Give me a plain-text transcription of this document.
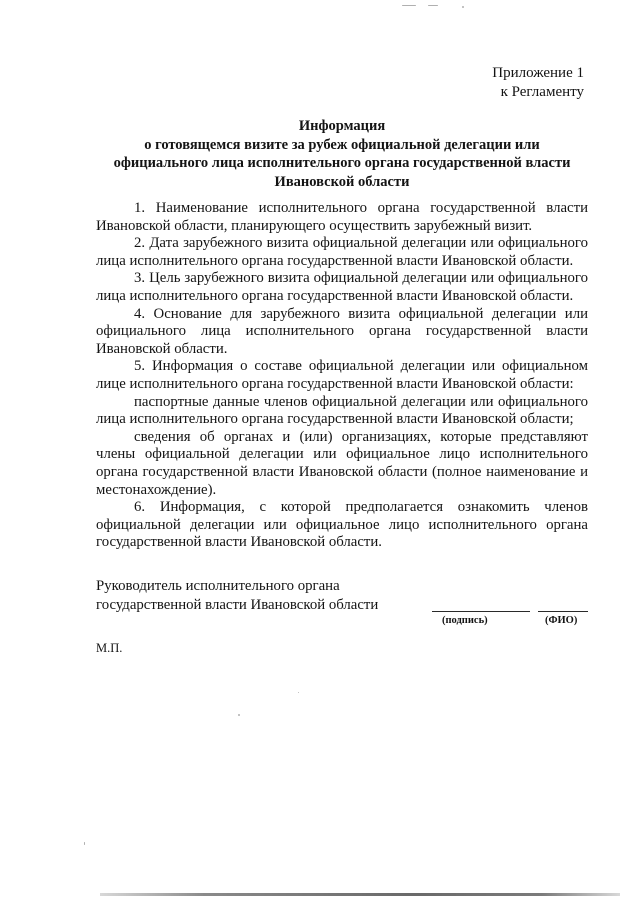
Приложение 1
к Регламенту
Информация
о готовящемся визите за рубеж официальной делегации или
официального лица исполнительного органа государственной власти
Ивановской области

1. Наименование исполнительного органа государственной власти Ивановской области, планирующего осуществить зарубежный визит.

2. Дата зарубежного визита официальной делегации или официального лица исполнительного органа государственной власти Ивановской области.

3. Цель зарубежного визита официальной делегации или официального лица исполнительного органа государственной власти Ивановской области.

4. Основание для зарубежного визита официальной делегации или официального лица исполнительного органа государственной власти Ивановской области.

5. Информация о составе официальной делегации или официальном лице исполнительного органа государственной власти Ивановской области:

паспортные данные членов официальной делегации или официального лица исполнительного органа государственной власти Ивановской области;

сведения об органах и (или) организациях, которые представляют члены официальной делегации или официальное лицо исполнительного органа государственной власти Ивановской области (полное наименование и местонахождение).

6. Информация, с которой предполагается ознакомить членов официальной делегации или официальное лицо исполнительного органа государственной власти Ивановской области.

Руководитель исполнительного органа
государственной власти Ивановской области
(подпись)	(ФИО)
М.П.
